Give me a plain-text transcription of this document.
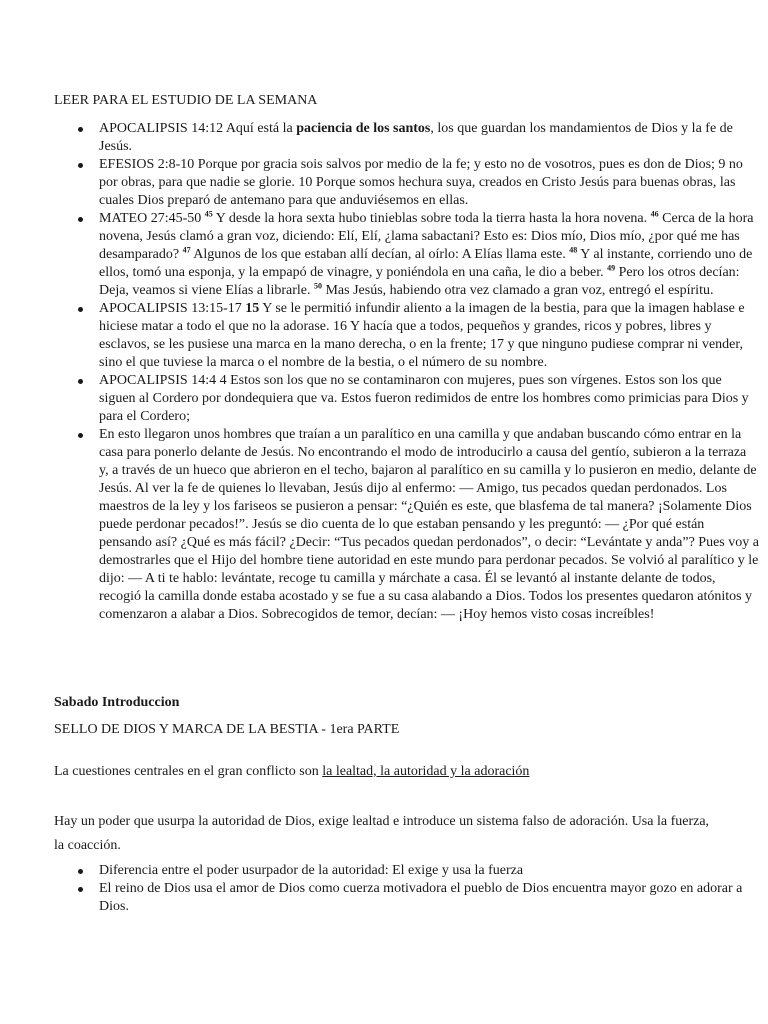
LEER PARA EL ESTUDIO DE LA SEMANA

APOCALIPSIS 14:12 Aquí está la paciencia de los santos, los que guardan los mandamientos de Dios y la fe de Jesús.
EFESIOS 2:8-10 Porque por gracia sois salvos por medio de la fe; y esto no de vosotros, pues es don de Dios; 9 no por obras, para que nadie se glorie. 10 Porque somos hechura suya, creados en Cristo Jesús para buenas obras, las cuales Dios preparó de antemano para que anduviésemos en ellas.
MATEO 27:45-50 $^{45}$ Y desde la hora sexta hubo tinieblas sobre toda la tierra hasta la hora novena. $^{46}$ Cerca de la hora novena, Jesús clamó a gran voz, diciendo: Elí, Elí, ¿lama sabactani? Esto es: Dios mío, Dios mío, ¿por qué me has desamparado? $^{47}$ Algunos de los que estaban allí decían, al oírlo: A Elías llama este. $^{48}$ Y al instante, corriendo uno de ellos, tomó una esponja, y la empapó de vinagre, y poniéndola en una caña, le dio a beber. $^{49}$ Pero los otros decían: Deja, veamos si viene Elías a librarle. $^{50}$ Mas Jesús, habiendo otra vez clamado a gran voz, entregó el espíritu.
APOCALIPSIS 13:15-17 15 Y se le permitió infundir aliento a la imagen de la bestia, para que la imagen hablase e hiciese matar a todo el que no la adorase. 16 Y hacía que a todos, pequeños y grandes, ricos y pobres, libres y esclavos, se les pusiese una marca en la mano derecha, o en la frente; 17 y que ninguno pudiese comprar ni vender, sino el que tuviese la marca o el nombre de la bestia, o el número de su nombre.
APOCALIPSIS 14:4 4 Estos son los que no se contaminaron con mujeres, pues son vírgenes. Estos son los que siguen al Cordero por dondequiera que va. Estos fueron redimidos de entre los hombres como primicias para Dios y para el Cordero;
En esto llegaron unos hombres que traían a un paralítico en una camilla y que andaban buscando cómo entrar en la casa para ponerlo delante de Jesús. No encontrando el modo de introducirlo a causa del gentío, subieron a la terraza y, a través de un hueco que abrieron en el techo, bajaron al paralítico en su camilla y lo pusieron en medio, delante de Jesús. Al ver la fe de quienes lo llevaban, Jesús dijo al enfermo: — Amigo, tus pecados quedan perdonados. Los maestros de la ley y los fariseos se pusieron a pensar: “¿Quién es este, que blasfema de tal manera? ¡Solamente Dios puede perdonar pecados!”. Jesús se dio cuenta de lo que estaban pensando y les preguntó: — ¿Por qué están pensando así? ¿Qué es más fácil? ¿Decir: “Tus pecados quedan perdonados”, o decir: “Levántate y anda”? Pues voy a demostrarles que el Hijo del hombre tiene autoridad en este mundo para perdonar pecados. Se volvió al paralítico y le dijo: — A ti te hablo: levántate, recoge tu camilla y márchate a casa. Él se levantó al instante delante de todos, recogió la camilla donde estaba acostado y se fue a su casa alabando a Dios. Todos los presentes quedaron atónitos y comenzaron a alabar a Dios. Sobrecogidos de temor, decían: — ¡Hoy hemos visto cosas increíbles!

Sabado Introduccion

SELLO DE DIOS Y MARCA DE LA BESTIA - 1era PARTE

La cuestiones centrales en el gran conflicto son la lealtad, la autoridad y la adoración

Hay un poder que usurpa la autoridad de Dios, exige lealtad e introduce un sistema falso de adoración. Usa la fuerza, la coacción.

Diferencia entre el poder usurpador de la autoridad: El exige y usa la fuerza
El reino de Dios usa el amor de Dios como cuerza motivadora el pueblo de Dios encuentra mayor gozo en adorar a Dios.
